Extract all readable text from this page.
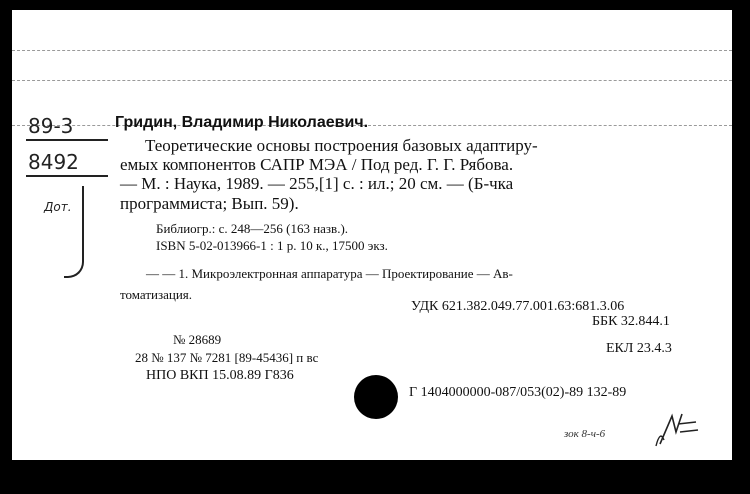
89-3
8492
Дот.
Гридин, Владимир Николаевич.
Теоретические основы построения базовых адаптиру-
емых компонентов САПР МЭА / Под ред. Г. Г. Рябова.
— М. : Наука, 1989. — 255,[1] с. : ил.; 20 см. — (Б-чка
программиста; Вып. 59).
Библиогр.: с. 248—256 (163 назв.).
ISBN 5-02-013966-1 : 1 р. 10 к., 17500 экз.
— — 1. Микроэлектронная аппаратура — Проектирование — Ав-
томатизация.
УДК 621.382.049.77.001.63:681.3.06
ББК 32.844.1
№ 28689
ЕКЛ 23.4.3
28 № 137 № 7281 [89-45436] п вс
НПО ВКП 15.08.89 Г836
Г 1404000000-087/053(02)-89 132-89
зок 8-ч-6
